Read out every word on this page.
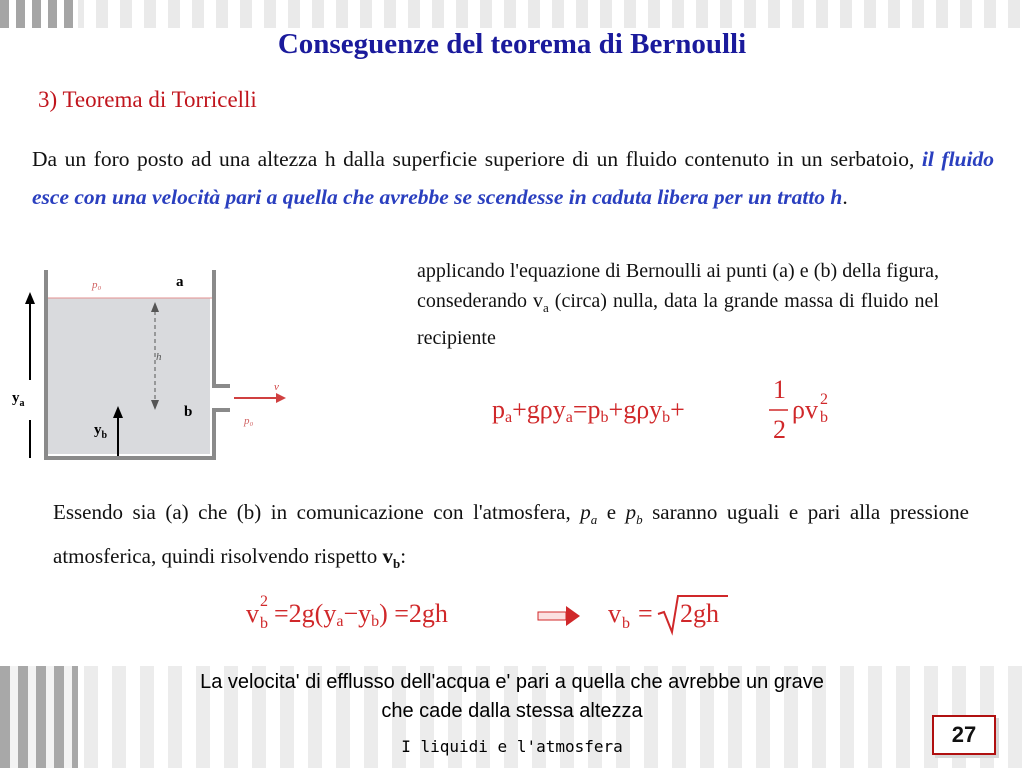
Conseguenze del teorema di Bernoulli
3) Teorema di Torricelli
Da un foro posto ad una altezza h dalla superficie superiore di un fluido contenuto in un serbatoio, il fluido esce con una velocità pari a quella che avrebbe se scendesse in caduta libera per un tratto h.
p₀	a
h
b
v
p₀
$y_a$
$y_b$
applicando l'equazione di Bernoulli ai punti (a) e (b) della figura, consederando $v_a$ (circa) nulla, data la grande massa di fluido nel recipiente
pa+gρya=pb+gρyb+
1
2
ρv 2
b
Essendo sia (a) che (b) in comunicazione con l'atmosfera, $p_a$ e $p_b$ saranno uguali e pari alla pressione atmosferica, quindi risolvendo rispetto $v_b$:
v 2
b =2g(ya−yb) =2gh	v b = 2gh
La velocita' di efflusso dell'acqua e' pari a quella che avrebbe un grave
che cade dalla stessa altezza
I liquidi e l'atmosfera	27
